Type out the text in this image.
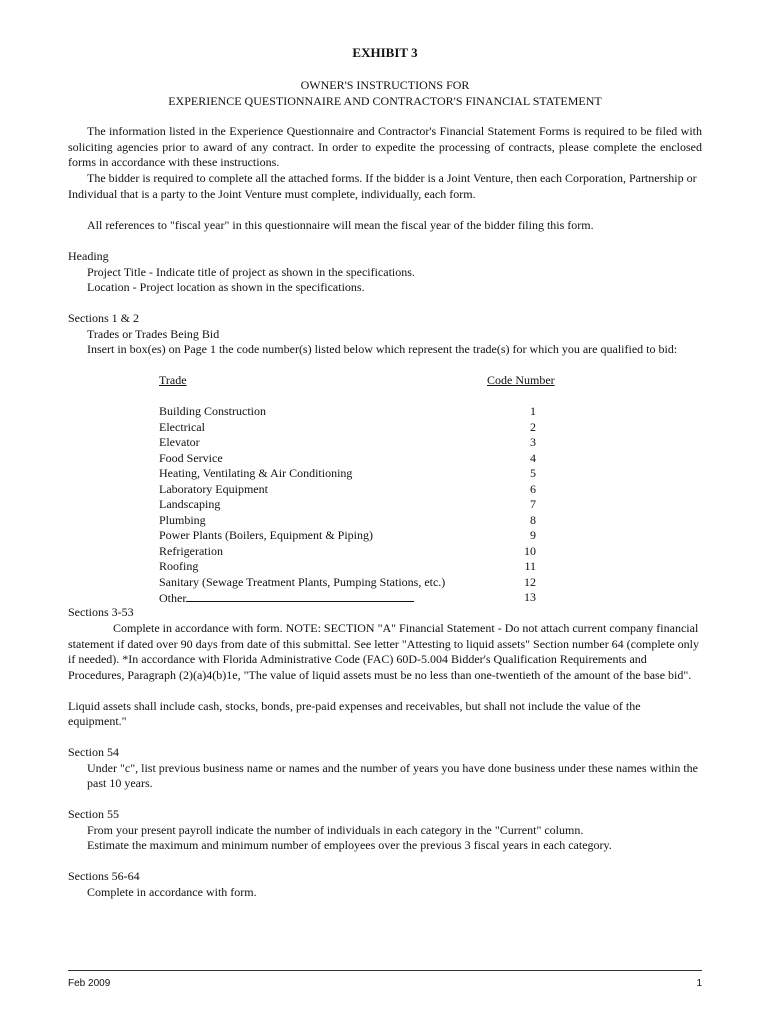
EXHIBIT 3
OWNER'S INSTRUCTIONS FOR
EXPERIENCE QUESTIONNAIRE AND CONTRACTOR'S FINANCIAL STATEMENT
The information listed in the Experience Questionnaire and Contractor's Financial Statement Forms is required to be filed with soliciting agencies prior to award of any contract. In order to expedite the processing of contracts, please complete the enclosed forms in accordance with these instructions.
The bidder is required to complete all the attached forms. If the bidder is a Joint Venture, then each Corporation, Partnership or Individual that is a party to the Joint Venture must complete, individually, each form.
All references to "fiscal year" in this questionnaire will mean the fiscal year of the bidder filing this form.
Heading
Project Title - Indicate title of project as shown in the specifications.
Location - Project location as shown in the specifications.
Sections 1 & 2
Trades or Trades Being Bid
Insert in box(es) on Page 1 the code number(s) listed below which represent the trade(s) for which you are qualified to bid:
Trade	Code Number
Building Construction	1
Electrical	2
Elevator	3
Food Service	4
Heating, Ventilating & Air Conditioning	5
Laboratory Equipment	6
Landscaping	7
Plumbing	8
Power Plants (Boilers, Equipment & Piping)	9
Refrigeration	10
Roofing	11
Sanitary (Sewage Treatment Plants, Pumping Stations, etc.)	12
Other	13
Sections 3-53
Complete in accordance with form. NOTE: SECTION "A" Financial Statement - Do not attach current company financial statement if dated over 90 days from date of this submittal. See letter "Attesting to liquid assets" Section number 64 (complete only if needed). *In accordance with Florida Administrative Code (FAC) 60D-5.004 Bidder's Qualification Requirements and Procedures, Paragraph (2)(a)4(b)1e, "The value of liquid assets must be no less than one-twentieth of the amount of the base bid".
Liquid assets shall include cash, stocks, bonds, pre-paid expenses and receivables, but shall not include the value of the equipment."
Section 54
Under "c", list previous business name or names and the number of years you have done business under these names within the past 10 years.
Section 55
From your present payroll indicate the number of individuals in each category in the "Current" column.
Estimate the maximum and minimum number of employees over the previous 3 fiscal years in each category.
Sections 56-64
Complete in accordance with form.
Feb 2009	1
